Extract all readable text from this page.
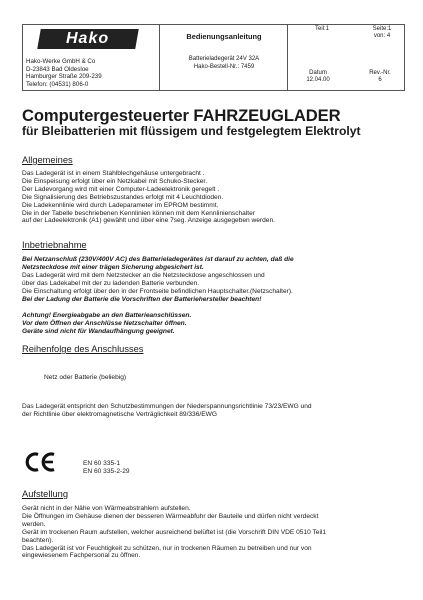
Hako
Hako-Werke GmbH & Co
D-23843 Bad Oldesloe
Hamburger Straße 209-239
Telefon: (04531) 806-0
Bedienungsanleitung
Batterieladegerät 24V 32A
Hako-Bestell-Nr.: 7459
Teil:1	Seite:1
von: 4
Datum
12.04.00
Rev.-Nr.
6
Computergesteuerter FAHRZEUGLADER
für Bleibatterien mit flüssigem und festgelegtem Elektrolyt
Allgemeines
Das Ladegerät ist in einem Stahlblechgehäuse untergebracht .
Die Einspeisung erfolgt über ein Netzkabel mit Schuko-Stecker.
Der Ladevorgang wird mit einer Computer-Ladeelektronik geregelt .
Die Signalisierung des Betriebszustandes erfolgt mit 4 Leuchtdioden.
Die Ladekennlinie wird durch Ladeparameter im EPROM bestimmt.
Die in der Tabelle beschriebenen Kennlinien können mit dem Kennlinienschalter
auf der Ladeelektronik (A1) gewählt und über eine 7seg. Anzeige ausgegeben werden.
Inbetriebnahme
Bei Netzanschluß (230V/400V AC) des Batterieladegerätes ist darauf zu achten, daß die
Netzsteckdose mit einer trägen Sicherung abgesichert ist.
Das Ladegerät wird mit dem Netzstecker an die Netzsteckdose angeschlossen und
über das Ladekabel mit der zu ladenden Batterie verbunden.
Die Einschaltung erfolgt über den in der Frontseite befindlichen Hauptschalter.(Netzschalter).
Bei der Ladung der Batterie die Vorschriften der Batteriehersteller beachten!
Achtung! Energieabgabe an den Batterieanschlüssen.
Vor dem Öffnen der Anschlüsse Netzschalter öffnen.
Geräte sind nicht für Wandaufhängung geeignet.
Reihenfolge des Anschlusses
Netz oder Batterie (beliebig)
Das Ladegerät entspricht den Schutzbestimmungen der Niederspannungsrichtlinie 73/23/EWG und
der Richtlinie über elektromagnetische Verträglichkeit 89/336/EWG
EN 60 335-1
EN 60 335-2-29
Aufstellung
Gerät nicht in der Nähe von Wärmeabstrahlern aufstellen.
Die Öffnungen im Gehäuse dienen der besseren Wärmeabfuhr der Bauteile und dürfen nicht verdeckt
werden.
Gerät im trockenen Raum aufstellen, welcher ausreichend belüftet ist (die Vorschrift DIN VDE 0510 Teil1
beachten).
Das Ladegerät ist vor Feuchtigkeit zu schützen, nur in trockenen Räumen zu betreiben und nur von
eingewiesenem Fachpersonal zu öffnen.
